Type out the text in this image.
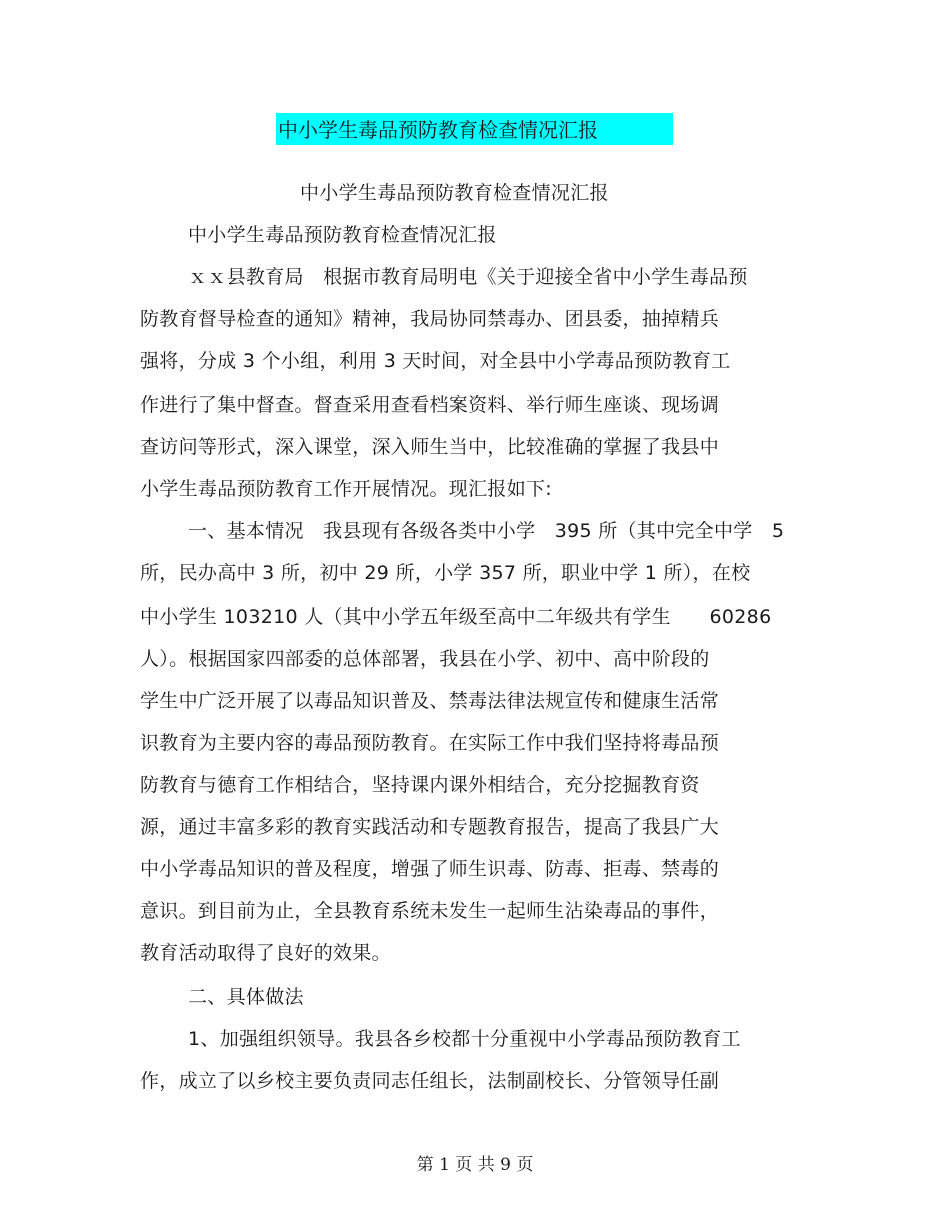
中小学生毒品预防教育检查情况汇报
中小学生毒品预防教育检查情况汇报
中小学生毒品预防教育检查情况汇报
ｘｘ县教育局　根据市教育局明电《关于迎接全省中小学生毒品预
防教育督导检查的通知》精神，我局协同禁毒办、团县委，抽掉精兵
强将，分成 3 个小组，利用 3 天时间，对全县中小学毒品预防教育工
作进行了集中督查。督查采用查看档案资料、举行师生座谈、现场调
查访问等形式，深入课堂，深入师生当中，比较准确的掌握了我县中
小学生毒品预防教育工作开展情况。现汇报如下:
一、基本情况　我县现有各级各类中小学　395 所（其中完全中学　5
所，民办高中 3 所，初中 29 所，小学 357 所，职业中学 1 所），在校
中小学生 103210 人（其中小学五年级至高中二年级共有学生　　60286
人）。根据国家四部委的总体部署，我县在小学、初中、高中阶段的
学生中广泛开展了以毒品知识普及、禁毒法律法规宣传和健康生活常
识教育为主要内容的毒品预防教育。在实际工作中我们坚持将毒品预
防教育与德育工作相结合，坚持课内课外相结合，充分挖掘教育资
源，通过丰富多彩的教育实践活动和专题教育报告，提高了我县广大
中小学毒品知识的普及程度，增强了师生识毒、防毒、拒毒、禁毒的
意识。到目前为止，全县教育系统未发生一起师生沾染毒品的事件，
教育活动取得了良好的效果。
二、具体做法
1、加强组织领导。我县各乡校都十分重视中小学毒品预防教育工
作，成立了以乡校主要负责同志任组长，法制副校长、分管领导任副
第 1 页 共 9 页
